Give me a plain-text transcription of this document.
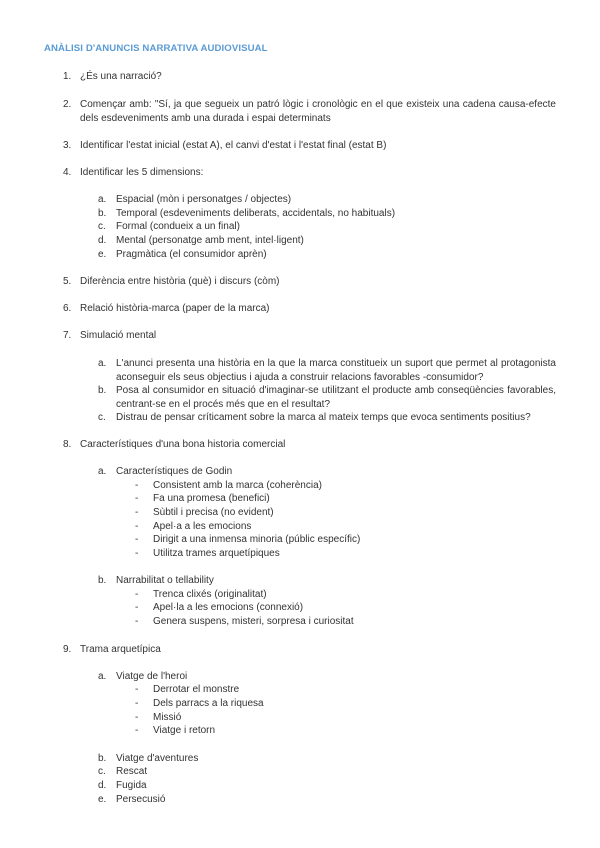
ANÀLISI D'ANUNCIS NARRATIVA AUDIOVISUAL
1. ¿És una narració?
2. Començar amb: "Sí, ja que segueix un patró lògic i cronològic en el que existeix una cadena causa-efecte dels esdeveniments amb una durada i espai determinats
3. Identificar l'estat inicial (estat A), el canvi d'estat i l'estat final (estat B)
4. Identificar les 5 dimensions:
a. Espacial (mòn i personatges / objectes)
b. Temporal (esdeveniments deliberats, accidentals, no habituals)
c.	Formal (condueix a un final)
d. Mental (personatge amb ment, intel·ligent)
e. Pragmàtica (el consumidor aprèn)
5. Diferència entre història (què) i discurs (còm)
6. Relació història-marca (paper de la marca)
7. Simulació mental
a. L'anunci presenta una història en la que la marca constitueix un suport que permet al protagonista aconseguir els seus objectius i ajuda a construir relacions favorables -consumidor?
b. Posa al consumidor en situació d'imaginar-se utilitzant el producte amb conseqüències favorables, centrant-se en el procés més que en el resultat?
c.	Distrau de pensar críticament sobre la marca al mateix temps que evoca sentiments positius?
8. Característiques d'una bona historia comercial
a. Característiques de Godin
-	Consistent amb la marca (coherència)
-	Fa una promesa (benefici)
-	Sùbtil i precisa (no evident)
-	Apel·a a les emocions
-	Dirigit a una inmensa minoria (públic específic)
-	Utilitza trames arquetípiques
b. Narrabilitat o tellability
-	Trenca clixés (originalitat)
-	Apel·la a les emocions (connexió)
-	Genera suspens, misteri, sorpresa i curiositat
9. Trama arquetípica
a. Viatge de l'heroi
-	Derrotar el monstre
-	Dels parracs a la riquesa
-	Missió
-	Viatge i retorn
b. Viatge d'aventures
c.	Rescat
d. Fugida
e. Persecusió
